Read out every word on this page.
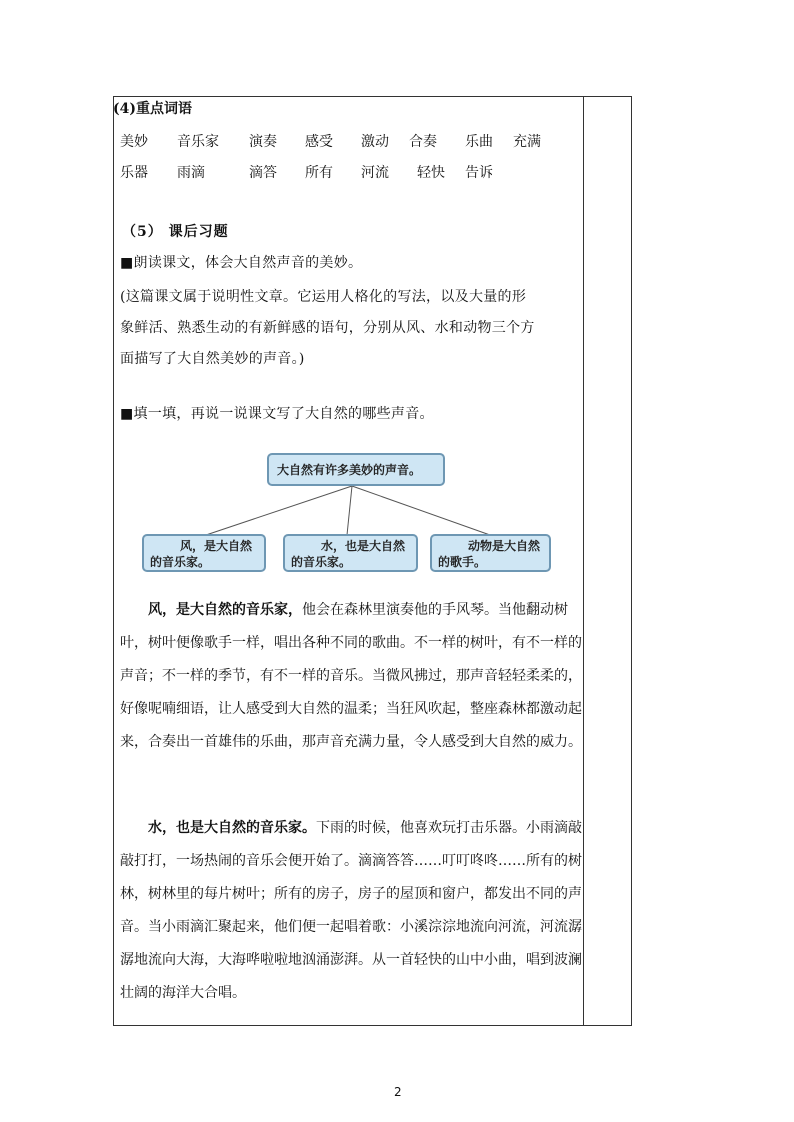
(4)重点词语
美妙 音乐家 演奏 感受 激动 合奏 乐曲 充满
乐器 雨滴	滴答 所有 河流 轻快 告诉
（5） 课后习题
■朗读课文，体会大自然声音的美妙。
(这篇课文属于说明性文章。它运用人格化的写法，以及大量的形
象鲜活、熟悉生动的有新鲜感的语句，分别从风、水和动物三个方
面描写了大自然美妙的声音。)
■填一填，再说一说课文写了大自然的哪些声音。
大自然有许多美妙的声音。
风，是大自然
的音乐家。
水，也是大自然
的音乐家。
动物是大自然
的歌手。
风，是大自然的音乐家，他会在森林里演奏他的手风琴。当他翻动树叶，树叶便像歌手一样，唱出各种不同的歌曲。不一样的树叶，有不一样的声音；不一样的季节，有不一样的音乐。当微风拂过，那声音轻轻柔柔的，好像呢喃细语，让人感受到大自然的温柔；当狂风吹起，整座森林都激动起来，合奏出一首雄伟的乐曲，那声音充满力量，令人感受到大自然的威力。
水，也是大自然的音乐家。下雨的时候，他喜欢玩打击乐器。小雨滴敲敲打打，一场热闹的音乐会便开始了。滴滴答答……叮叮咚咚……所有的树林，树林里的每片树叶；所有的房子，房子的屋顶和窗户，都发出不同的声音。当小雨滴汇聚起来，他们便一起唱着歌：小溪淙淙地流向河流，河流潺潺地流向大海，大海哗啦啦地汹涌澎湃。从一首轻快的山中小曲，唱到波澜壮阔的海洋大合唱。
2
